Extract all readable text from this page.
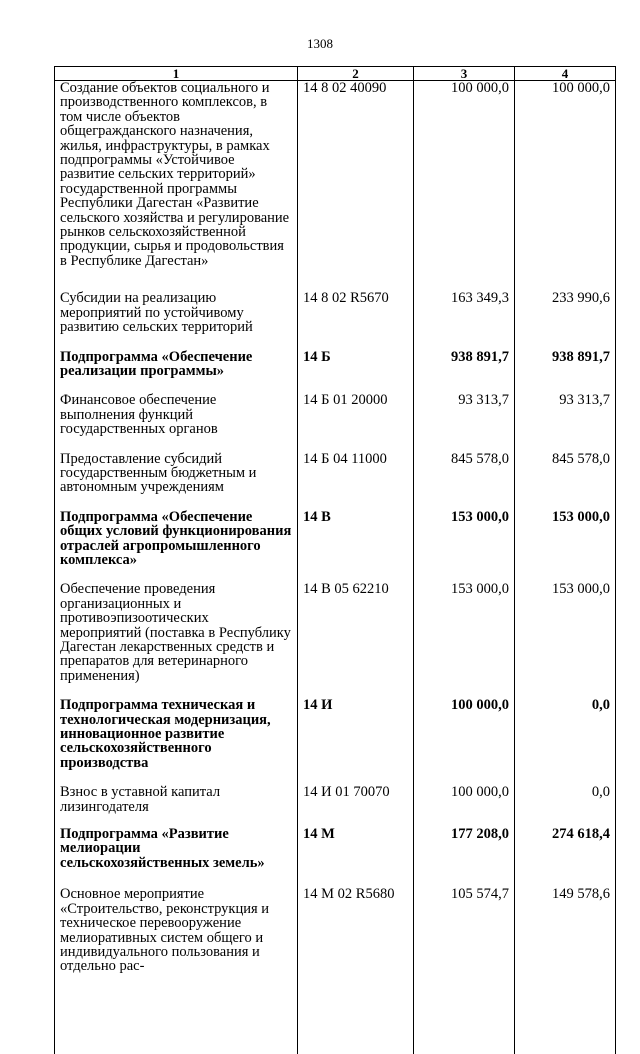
1308
1	2	3	4
Создание объектов социального и производственного комплексов, в том числе объектов общегражданского назначения, жилья, инфраструктуры, в рамках подпрограммы «Устойчивое развитие сельских территорий» государственной программы Республики Дагестан «Развитие сельского хозяйства и регулирование рынков сельскохозяйственной продукции, сырья и продовольствия в Республике Дагестан»	14 8 02 40090	100 000,0	100 000,0
Субсидии на реализацию мероприятий по устойчивому развитию сельских территорий	14 8 02 R5670	163 349,3	233 990,6
Подпрограмма «Обеспечение реализации программы»	14 Б	938 891,7	938 891,7
Финансовое обеспечение выполнения функций государственных органов	14 Б 01 20000	93 313,7	93 313,7
Предоставление субсидий государственным бюджетным и автономным учреждениям	14 Б 04 11000	845 578,0	845 578,0
Подпрограмма «Обеспечение общих условий функционирования отраслей агропромышленного комплекса»	14 В	153 000,0	153 000,0
Обеспечение проведения организационных и противоэпизоотических мероприятий (поставка в Республику Дагестан лекарственных средств и препаратов для ветеринарного применения)	14 В 05 62210	153 000,0	153 000,0
Подпрограмма техническая и технологическая модернизация, инновационное развитие сельскохозяйственного производства	14 И	100 000,0	0,0
Взнос в уставной капитал лизингодателя	14 И 01 70070	100 000,0	0,0
Подпрограмма «Развитие мелиорации сельскохозяйственных земель»	14 М	177 208,0	274 618,4
Основное мероприятие «Строительство, реконструкция и техническое перевооружение мелиоративных систем общего и индивидуального пользования и отдельно рас-	14 М 02 R5680	105 574,7	149 578,6
